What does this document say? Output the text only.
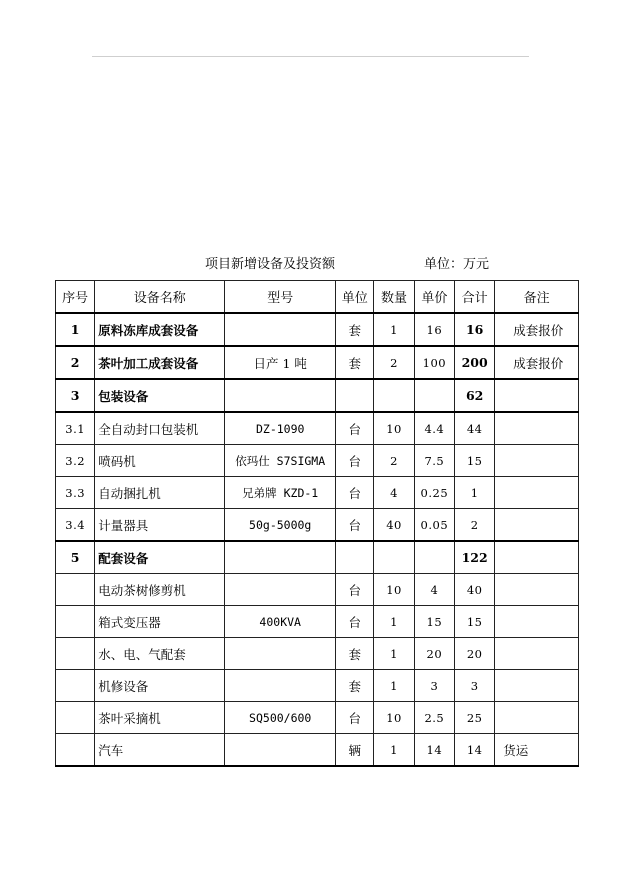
项目新增设备及投资额	单位：万元
序号	设备名称	型号	单位	数量	单价	合计	备注
1	原料冻库成套设备		套	1	16	16	成套报价
2	茶叶加工成套设备	日产 1 吨	套	2	100	200	成套报价
3	包装设备					62	
3.1	全自动封口包装机	DZ-1090	台	10	4.4	44	
3.2	喷码机	依玛仕 S7SIGMA	台	2	7.5	15	
3.3	自动捆扎机	兄弟牌 KZD-1	台	4	0.25	1	
3.4	计量器具	50g-5000g	台	40	0.05	2	
5	配套设备					122	
	电动茶树修剪机		台	10	4	40	
	箱式变压器	400KVA	台	1	15	15	
	水、电、气配套		套	1	20	20	
	机修设备		套	1	3	3	
	茶叶采摘机	SQ500/600	台	10	2.5	25	
	汽车		辆	1	14	14	货运
